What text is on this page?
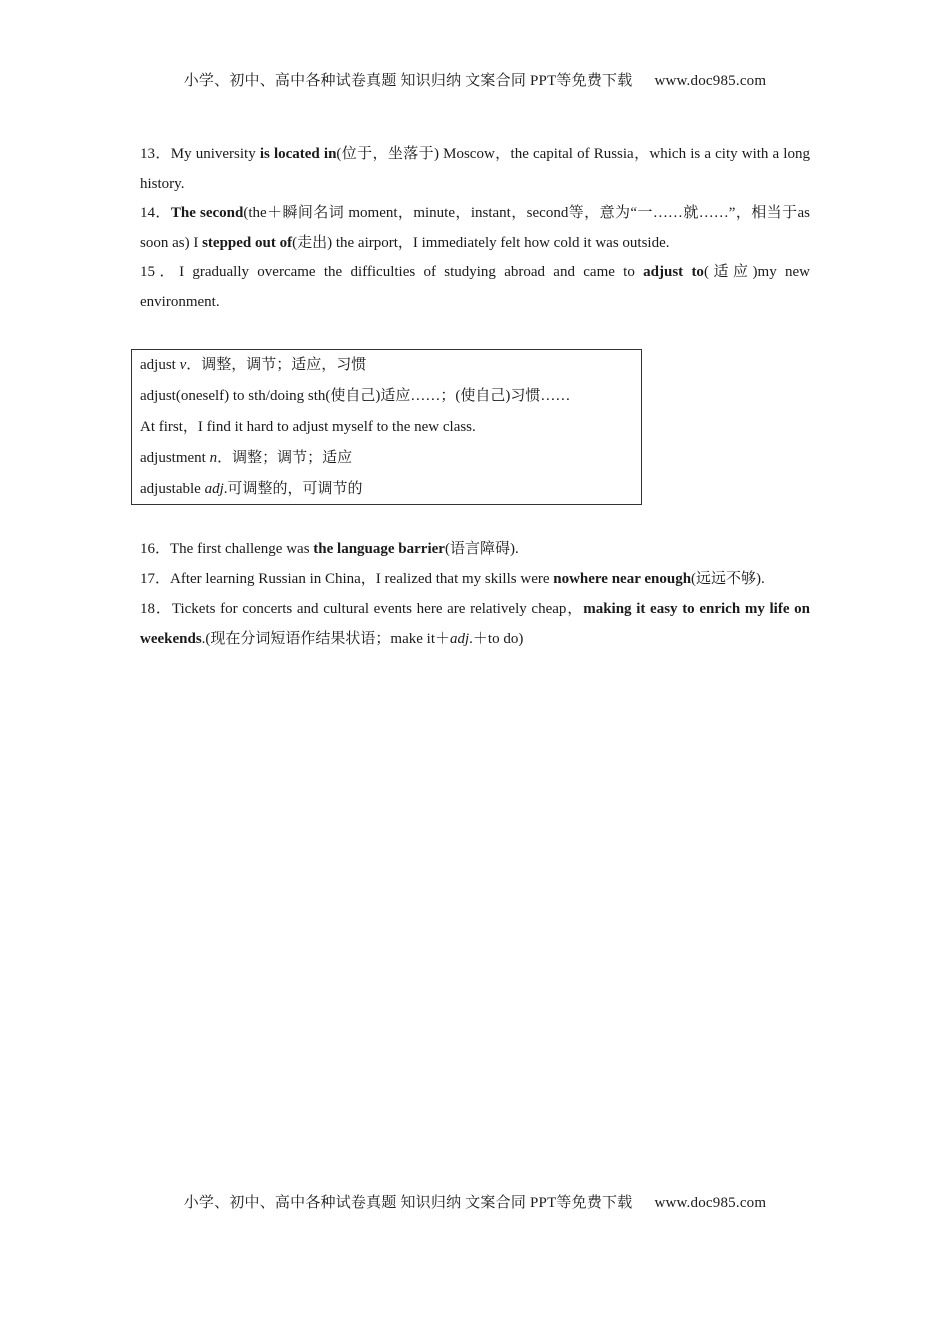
小学、初中、高中各种试卷真题 知识归纳 文案合同 PPT等免费下载 www.doc985.com

13．My university is located in(位于，坐落于) Moscow，the capital of Russia，which is a city with a long history.

14．The second(the＋瞬间名词 moment，minute，instant，second等，意为“一……就……”，相当于as soon as) I stepped out of(走出) the airport，I immediately felt how cold it was outside.

15．I gradually overcame the difficulties of studying abroad and came to adjust to(适应)my new environment.

adjust v．调整，调节；适应，习惯
adjust(oneself) to sth/doing sth(使自己)适应……；(使自己)习惯……
At first，I find it hard to adjust myself to the new class.
adjustment n．调整；调节；适应
adjustable adj.可调整的，可调节的

16．The first challenge was the language barrier(语言障碍).

17．After learning Russian in China，I realized that my skills were nowhere near enough(远远不够).

18．Tickets for concerts and cultural events here are relatively cheap，making it easy to enrich my life on weekends.(现在分词短语作结果状语；make it＋adj.＋to do)

小学、初中、高中各种试卷真题 知识归纳 文案合同 PPT等免费下载 www.doc985.com
